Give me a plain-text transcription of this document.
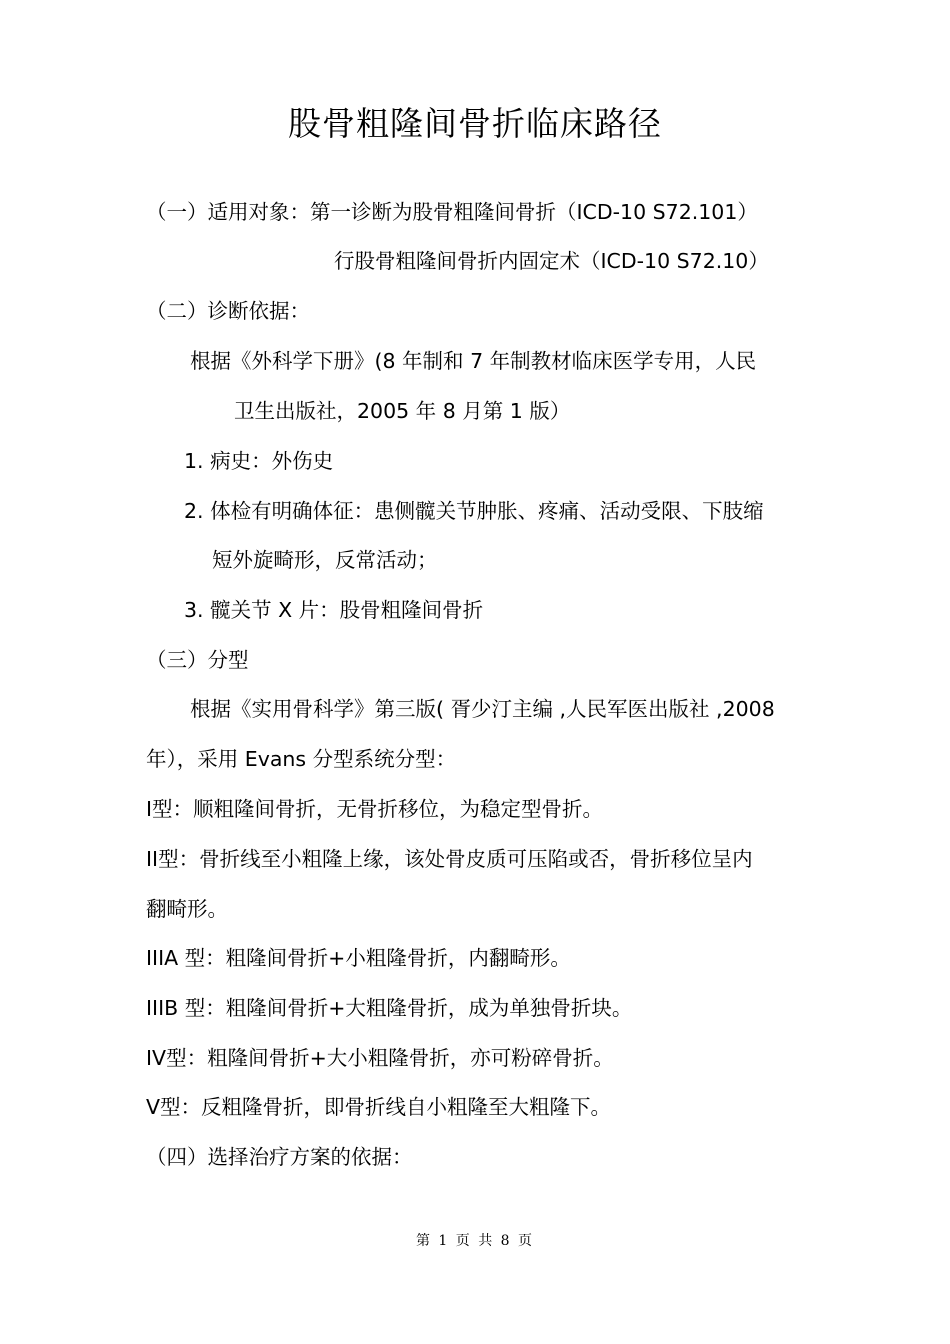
股骨粗隆间骨折临床路径
（一）适用对象：第一诊断为股骨粗隆间骨折（ICD-10 S72.101）
行股骨粗隆间骨折内固定术（ICD-10 S72.10）
（二）诊断依据：
根据《外科学下册》(8 年制和 7 年制教材临床医学专用，人民
卫生出版社，2005 年 8 月第 1 版）
1. 病史：外伤史
2. 体检有明确体征：患侧髋关节肿胀、疼痛、活动受限、下肢缩
短外旋畸形，反常活动；
3. 髋关节 X 片：股骨粗隆间骨折
（三）分型
根据《实用骨科学》第三版( 胥少汀主编 ,人民军医出版社 ,2008
年），采用 Evans 分型系统分型：
I型：顺粗隆间骨折，无骨折移位，为稳定型骨折。
II型：骨折线至小粗隆上缘，该处骨皮质可压陷或否，骨折移位呈内
翻畸形。
IIIA 型：粗隆间骨折+小粗隆骨折，内翻畸形。
IIIB 型：粗隆间骨折+大粗隆骨折，成为单独骨折块。
IV型：粗隆间骨折+大小粗隆骨折，亦可粉碎骨折。
V型：反粗隆骨折，即骨折线自小粗隆至大粗隆下。
（四）选择治疗方案的依据：
第 1 页 共 8 页
